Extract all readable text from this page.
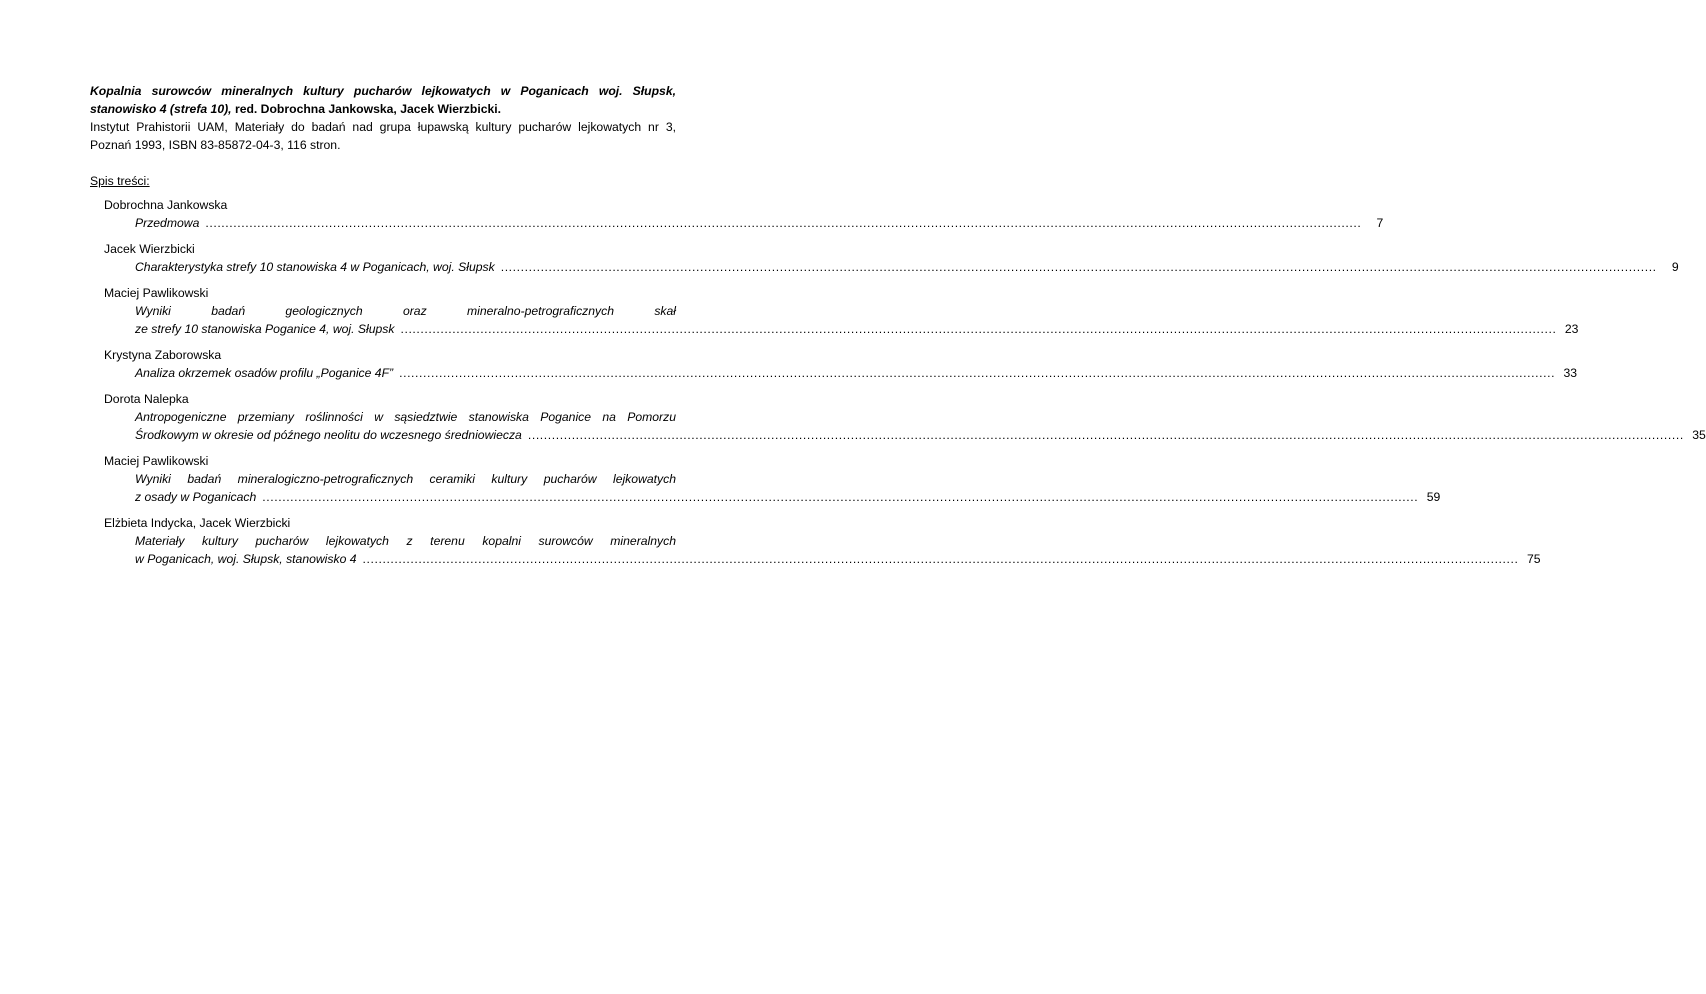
Kopalnia surowców mineralnych kultury pucharów lejkowatych w Poganicach woj. Słupsk,
stanowisko 4 (strefa 10), red. Dobrochna Jankowska, Jacek Wierzbicki.
Instytut Prahistorii UAM, Materiały do badań nad grupa łupawską kultury pucharów lejkowatych nr 3,
Poznań 1993, ISBN 83-85872-04-3, 116 stron.
Spis treści:
Dobrochna Jankowska
Przedmowa ..................................................................................................................................................................................................................................................................................................	7
Jacek Wierzbicki
Charakterystyka strefy 10 stanowiska 4 w Poganicach, woj. Słupsk ..................................................................................................................................................................................................................................................................................................	9
Maciej Pawlikowski
Wyniki badań geologicznych oraz mineralno-petrograficznych skał
ze strefy 10 stanowiska Poganice 4, woj. Słupsk .................................................................................................................................................................................................................................................................................................. 23
Krystyna Zaborowska
Analiza okrzemek osadów profilu „Poganice 4F” .................................................................................................................................................................................................................................................................................................. 33
Dorota Nalepka
Antropogeniczne przemiany roślinności w sąsiedztwie stanowiska Poganice na Pomorzu
Środkowym w okresie od późnego neolitu do wczesnego średniowiecza .................................................................................................................................................................................................................................................................................................. 35
Maciej Pawlikowski
Wyniki badań mineralogiczno-petrograficznych ceramiki kultury pucharów lejkowatych
z osady w Poganicach .................................................................................................................................................................................................................................................................................................. 59
Elżbieta Indycka, Jacek Wierzbicki
Materiały kultury pucharów lejkowatych z terenu kopalni surowców mineralnych
w Poganicach, woj. Słupsk, stanowisko 4 .................................................................................................................................................................................................................................................................................................. 75
